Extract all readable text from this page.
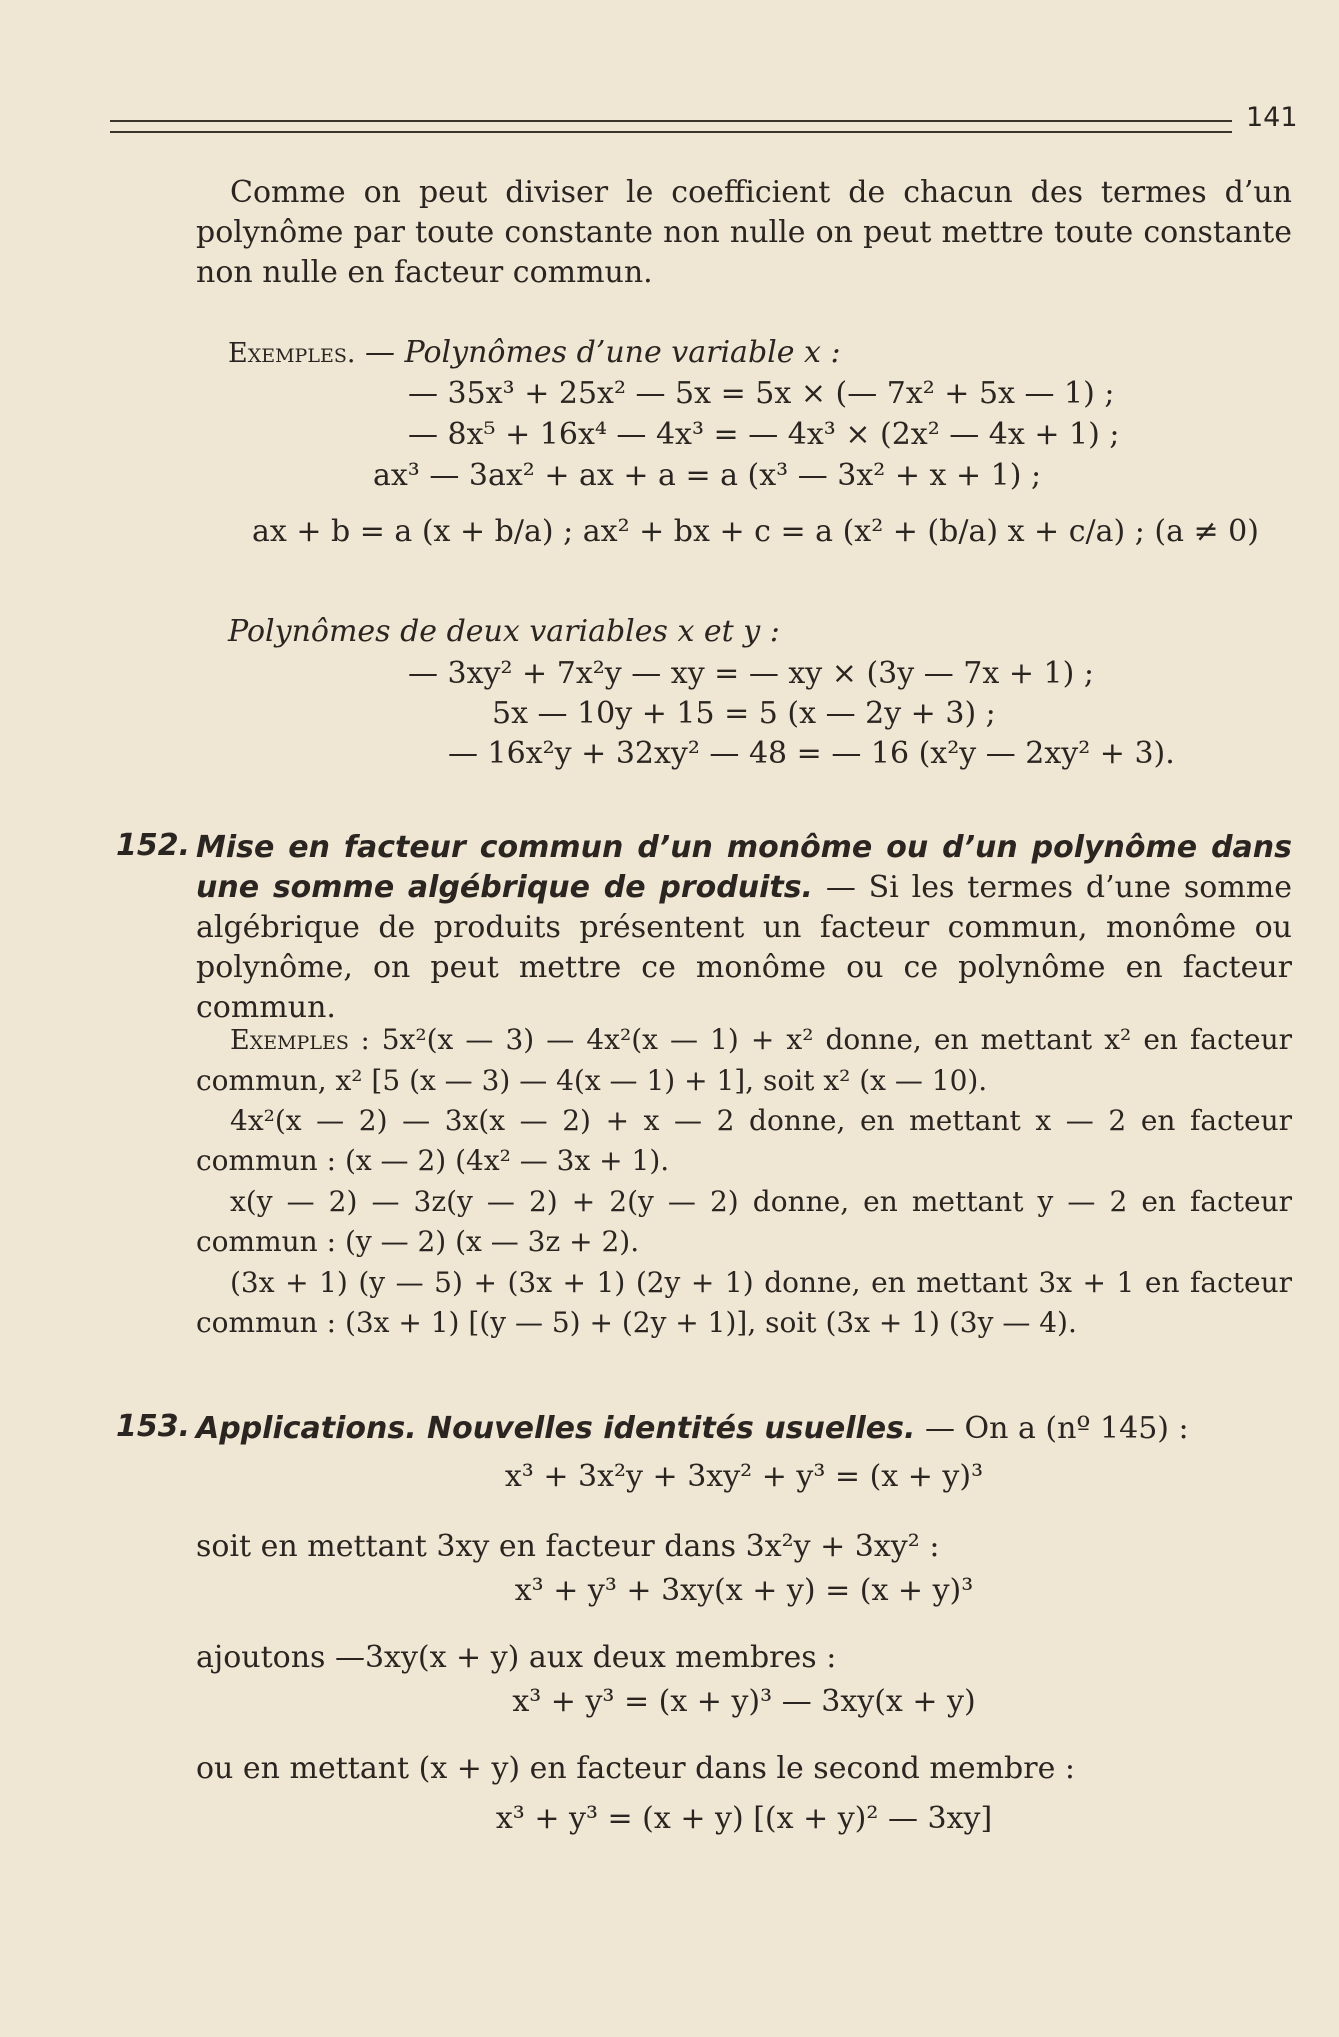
141

Comme on peut diviser le coefficient de chacun des termes d’un polynôme par toute constante non nulle on peut mettre toute constante non nulle en facteur commun.

Exemples. — Polynômes d’une variable x :
— 35x³ + 25x² — 5x = 5x × (— 7x² + 5x — 1) ;
— 8x⁵ + 16x⁴ — 4x³ = — 4x³ × (2x² — 4x + 1) ;
ax³ — 3ax² + ax + a = a (x³ — 3x² + x + 1) ;
ax + b = a (x + b/a) ; ax² + bx + c = a (x² + (b/a) x + c/a) ; (a ≠ 0)
Polynômes de deux variables x et y :
— 3xy² + 7x²y — xy = — xy × (3y — 7x + 1) ;
5x — 10y + 15 = 5 (x — 2y + 3) ;
— 16x²y + 32xy² — 48 = — 16 (x²y — 2xy² + 3).
152. Mise en facteur commun d’un monôme ou d’un polynôme dans une somme algébrique de produits. — Si les termes d’une somme algébrique de produits présentent un facteur commun, monôme ou polynôme, on peut mettre ce monôme ou ce polynôme en facteur commun.

Exemples : 5x²(x — 3) — 4x²(x — 1) + x² donne, en mettant x² en facteur commun, x² [5 (x — 3) — 4(x — 1) + 1], soit x² (x — 10).

4x²(x — 2) — 3x(x — 2) + x — 2 donne, en mettant x — 2 en facteur commun : (x — 2) (4x² — 3x + 1).

x(y — 2) — 3z(y — 2) + 2(y — 2) donne, en mettant y — 2 en facteur commun : (y — 2) (x — 3z + 2).

(3x + 1) (y — 5) + (3x + 1) (2y + 1) donne, en mettant 3x + 1 en facteur commun : (3x + 1) [(y — 5) + (2y + 1)], soit (3x + 1) (3y — 4).

153. Applications. Nouvelles identités usuelles. — On a (nº 145) :

x³ + 3x²y + 3xy² + y³ = (x + y)³

soit en mettant 3xy en facteur dans 3x²y + 3xy² :

x³ + y³ + 3xy(x + y) = (x + y)³

ajoutons —3xy(x + y) aux deux membres :

x³ + y³ = (x + y)³ — 3xy(x + y)

ou en mettant (x + y) en facteur dans le second membre :

x³ + y³ = (x + y) [(x + y)² — 3xy]
